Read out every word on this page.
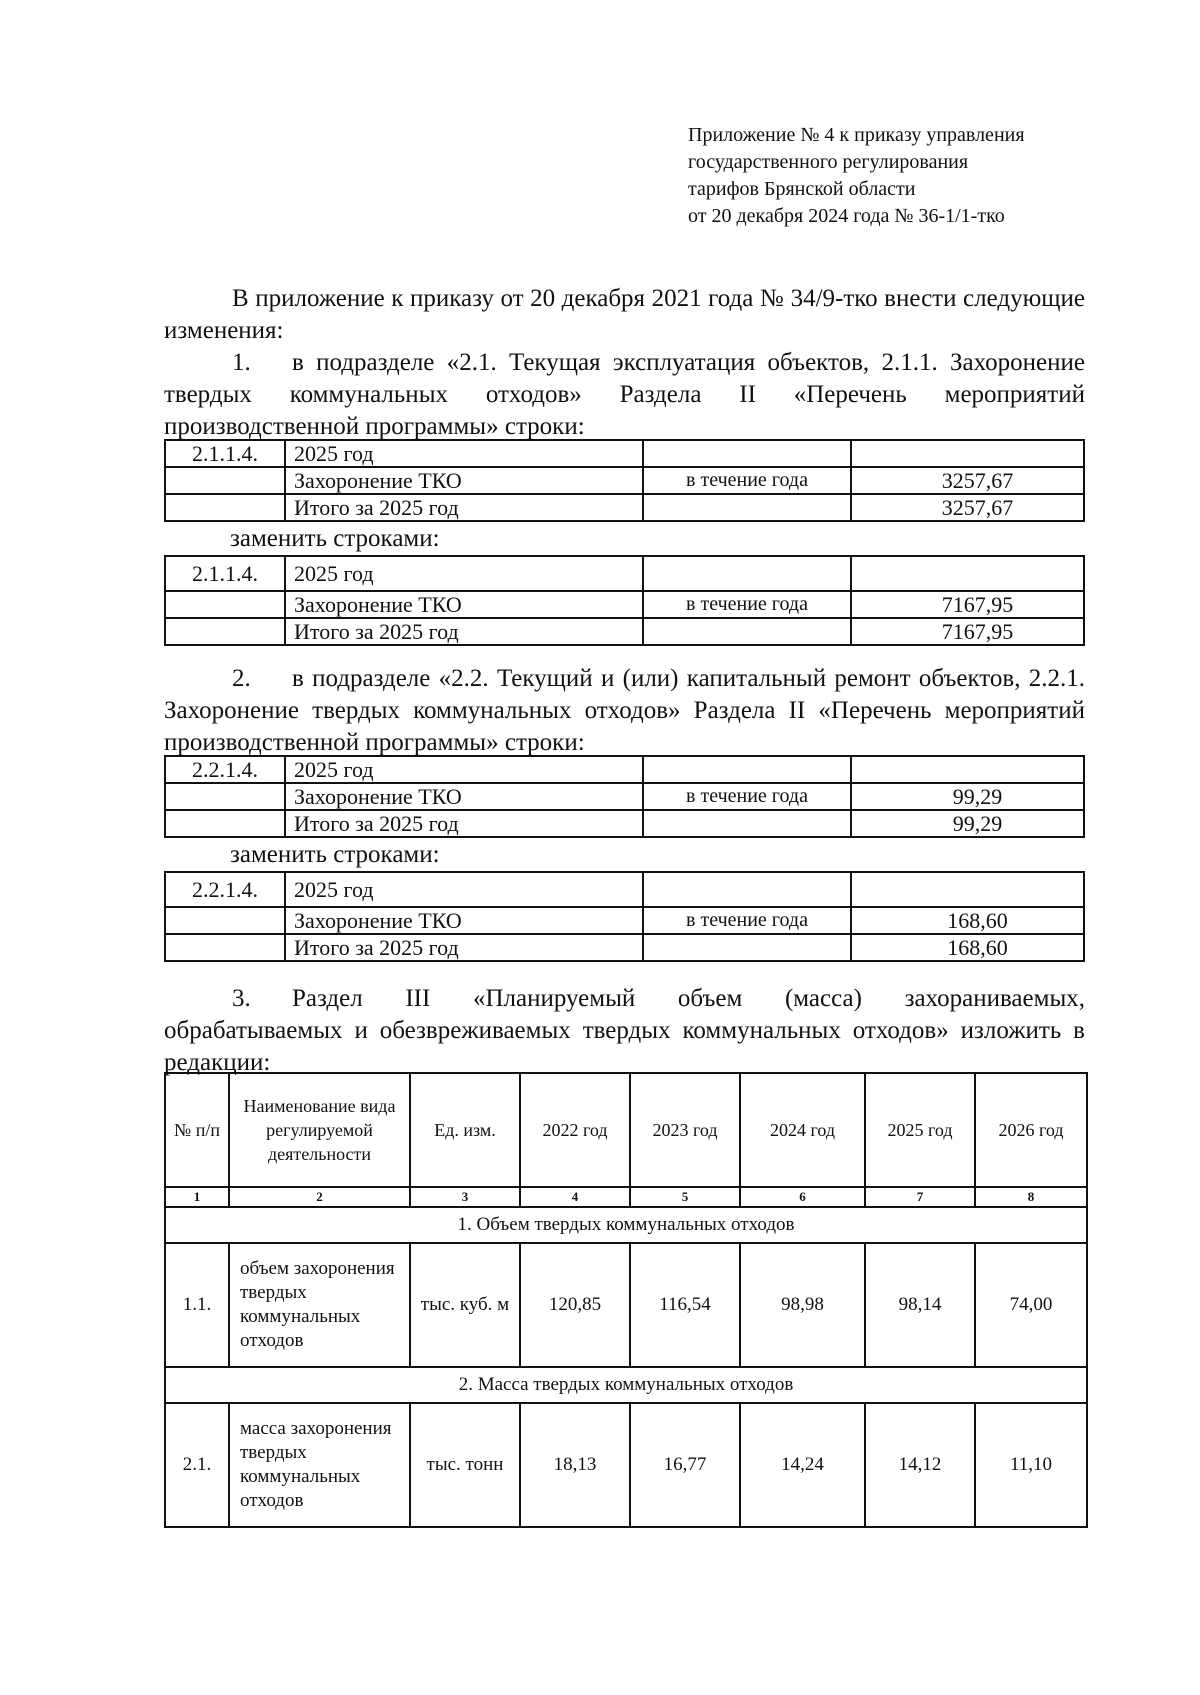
Приложение № 4 к приказу управления
государственного регулирования
тарифов Брянской области
от 20 декабря 2024 года № 36-1/1-тко
В приложение к приказу от 20 декабря 2021 года № 34/9-тко внести следующие изменения:
1. в подразделе «2.1. Текущая эксплуатация объектов, 2.1.1. Захоронение твердых коммунальных отходов» Раздела II «Перечень мероприятий производственной программы» строки:
2.1.1.4.	2025 год		
	Захоронение ТКО	в течение года	3257,67
	Итого за 2025 год		3257,67
заменить строками:
2.1.1.4.	2025 год		
	Захоронение ТКО	в течение года	7167,95
	Итого за 2025 год		7167,95
2. в подразделе «2.2. Текущий и (или) капитальный ремонт объектов, 2.2.1. Захоронение твердых коммунальных отходов» Раздела II «Перечень мероприятий производственной программы» строки:
2.2.1.4.	2025 год		
	Захоронение ТКО	в течение года	99,29
	Итого за 2025 год		99,29
заменить строками:
2.2.1.4.	2025 год		
	Захоронение ТКО	в течение года	168,60
	Итого за 2025 год		168,60
3. Раздел III «Планируемый объем (масса) захораниваемых, обрабатываемых и обезвреживаемых твердых коммунальных отходов» изложить в редакции:
№ п/п	Наименование вида регулируемой деятельности	Ед. изм.	2022 год	2023 год	2024 год	2025 год	2026 год
1	2	3	4	5	6	7	8
1. Объем твердых коммунальных отходов							
1.1.	объем захоронения твердых коммунальных отходов	тыс. куб. м	120,85	116,54	98,98	98,14	74,00
2. Масса твердых коммунальных отходов							
2.1.	масса захоронения твердых коммунальных отходов	тыс. тонн	18,13	16,77	14,24	14,12	11,10
